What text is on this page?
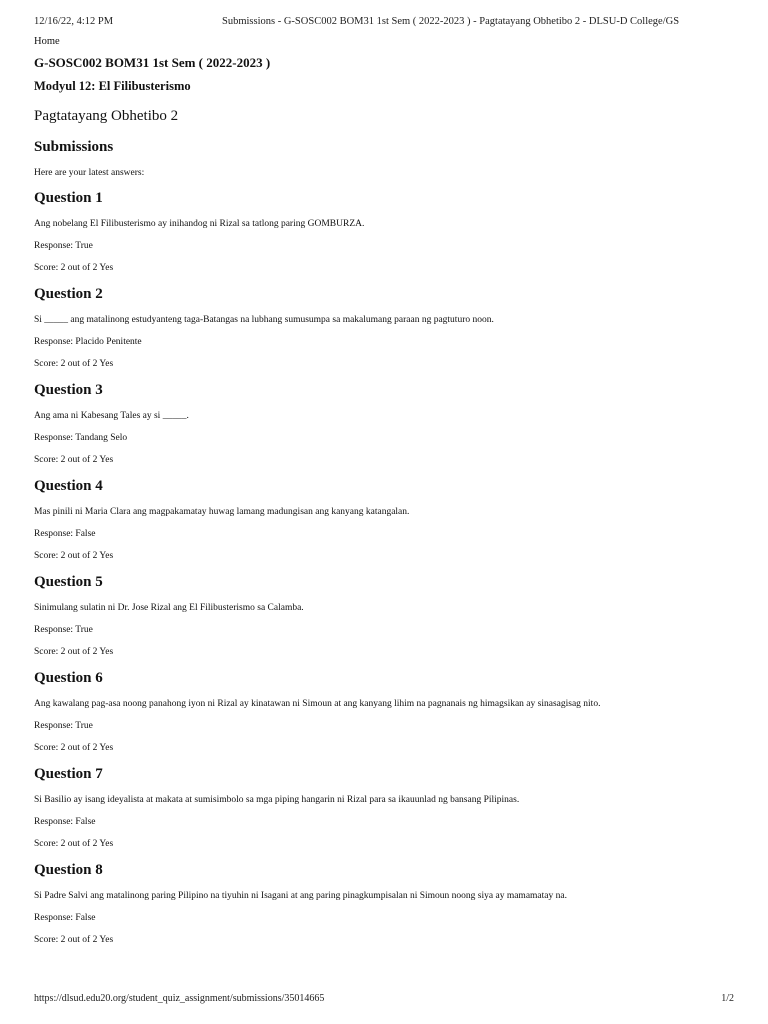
12/16/22, 4:12 PM	Submissions - G-SOSC002 BOM31 1st Sem ( 2022-2023 ) - Pagtatayang Obhetibo 2 - DLSU-D College/GS
Home
G-SOSC002 BOM31 1st Sem ( 2022-2023 )
Modyul 12: El Filibusterismo
Pagtatayang Obhetibo 2
Submissions

Here are your latest answers:

Question 1

Ang nobelang El Filibusterismo ay inihandog ni Rizal sa tatlong paring GOMBURZA.

Response: True

Score: 2 out of 2 Yes

Question 2

Si _____ ang matalinong estudyanteng taga-Batangas na lubhang sumusumpa sa makalumang paraan ng pagtuturo noon.

Response: Placido Penitente

Score: 2 out of 2 Yes

Question 3

Ang ama ni Kabesang Tales ay si _____.

Response: Tandang Selo

Score: 2 out of 2 Yes

Question 4

Mas pinili ni Maria Clara ang magpakamatay huwag lamang madungisan ang kanyang katangalan.

Response: False

Score: 2 out of 2 Yes

Question 5

Sinimulang sulatin ni Dr. Jose Rizal ang El Filibusterismo sa Calamba.

Response: True

Score: 2 out of 2 Yes

Question 6

Ang kawalang pag-asa noong panahong iyon ni Rizal ay kinatawan ni Simoun at ang kanyang lihim na pagnanais ng himagsikan ay sinasagisag nito.

Response: True

Score: 2 out of 2 Yes

Question 7

Si Basilio ay isang ideyalista at makata at sumisimbolo sa mga piping hangarin ni Rizal para sa ikauunlad ng bansang Pilipinas.

Response: False

Score: 2 out of 2 Yes

Question 8

Si Padre Salvi ang matalinong paring Pilipino na tiyuhin ni Isagani at ang paring pinagkumpisalan ni Simoun noong siya ay mamamatay na.

Response: False

Score: 2 out of 2 Yes

https://dlsud.edu20.org/student_quiz_assignment/submissions/35014665	1/2
